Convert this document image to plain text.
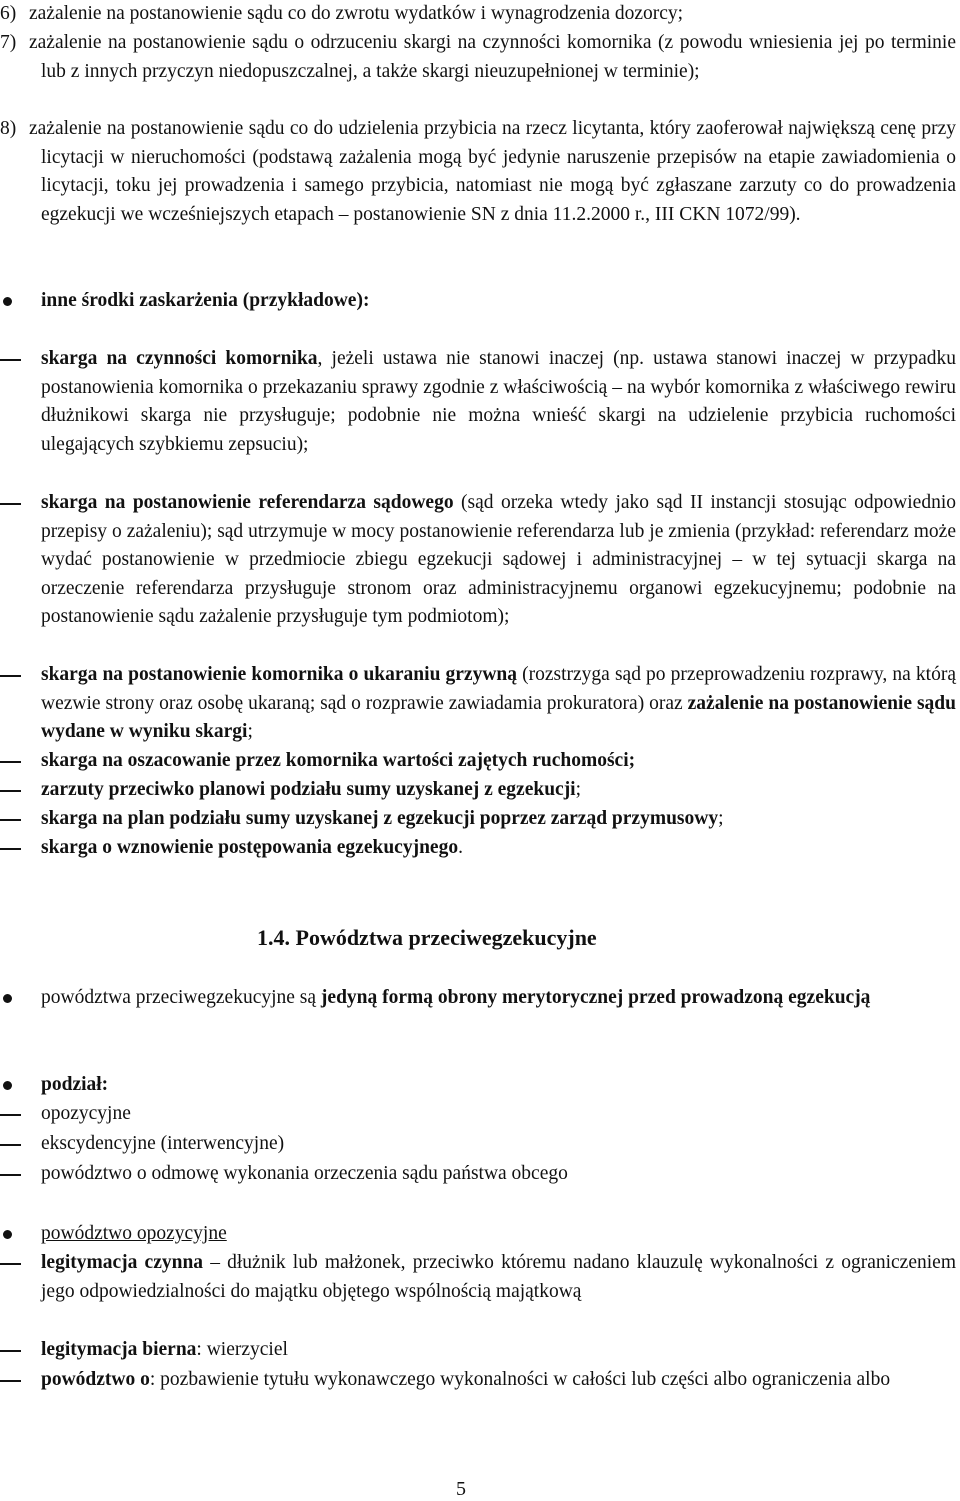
6) zażalenie na postanowienie sądu co do zwrotu wydatków i wynagrodzenia dozorcy;

7) zażalenie na postanowienie sądu o odrzuceniu skargi na czynności komornika (z powodu wniesienia jej po terminie lub z innych przyczyn niedopuszczalnej, a także skargi nieuzupełnionej w terminie);

8) zażalenie na postanowienie sądu co do udzielenia przybicia na rzecz licytanta, który zaoferował największą cenę przy licytacji w nieruchomości (podstawą zażalenia mogą być jedynie naruszenie przepisów na etapie zawiadomienia o licytacji, toku jej prowadzenia i samego przybicia, natomiast nie mogą być zgłaszane zarzuty co do prowadzenia egzekucji we wcześniejszych etapach – postanowienie SN z dnia 11.2.2000 r., III CKN 1072/99).

inne środki zaskarżenia (przykładowe):

skarga na czynności komornika, jeżeli ustawa nie stanowi inaczej (np. ustawa stanowi inaczej w przypadku postanowienia komornika o przekazaniu sprawy zgodnie z właściwością – na wybór komornika z właściwego rewiru dłużnikowi skarga nie przysługuje; podobnie nie można wnieść skargi na udzielenie przybicia ruchomości ulegających szybkiemu zepsuciu);

skarga na postanowienie referendarza sądowego (sąd orzeka wtedy jako sąd II instancji stosując odpowiednio przepisy o zażaleniu); sąd utrzymuje w mocy postanowienie referendarza lub je zmienia (przykład: referendarz może wydać postanowienie w przedmiocie zbiegu egzekucji sądowej i administracyjnej – w tej sytuacji skarga na orzeczenie referendarza przysługuje stronom oraz administracyjnemu organowi egzekucyjnemu; podobnie na postanowienie sądu zażalenie przysługuje tym podmiotom);

skarga na postanowienie komornika o ukaraniu grzywną (rozstrzyga sąd po przeprowadzeniu rozprawy, na którą wezwie strony oraz osobę ukaraną; sąd o rozprawie zawiadamia prokuratora) oraz zażalenie na postanowienie sądu wydane w wyniku skargi;

skarga na oszacowanie przez komornika wartości zajętych ruchomości;

zarzuty przeciwko planowi podziału sumy uzyskanej z egzekucji;

skarga na plan podziału sumy uzyskanej z egzekucji poprzez zarząd przymusowy;

skarga o wznowienie postępowania egzekucyjnego.

1.4. Powództwa przeciwegzekucyjne

powództwa przeciwegzekucyjne są jedyną formą obrony merytorycznej przed prowadzoną egzekucją

podział:

opozycyjne

ekscydencyjne (interwencyjne)

powództwo o odmowę wykonania orzeczenia sądu państwa obcego

powództwo opozycyjne

legitymacja czynna – dłużnik lub małżonek, przeciwko któremu nadano klauzulę wykonalności z ograniczeniem jego odpowiedzialności do majątku objętego wspólnością majątkową

legitymacja bierna: wierzyciel

powództwo o: pozbawienie tytułu wykonawczego wykonalności w całości lub części albo ograniczenia albo

5
